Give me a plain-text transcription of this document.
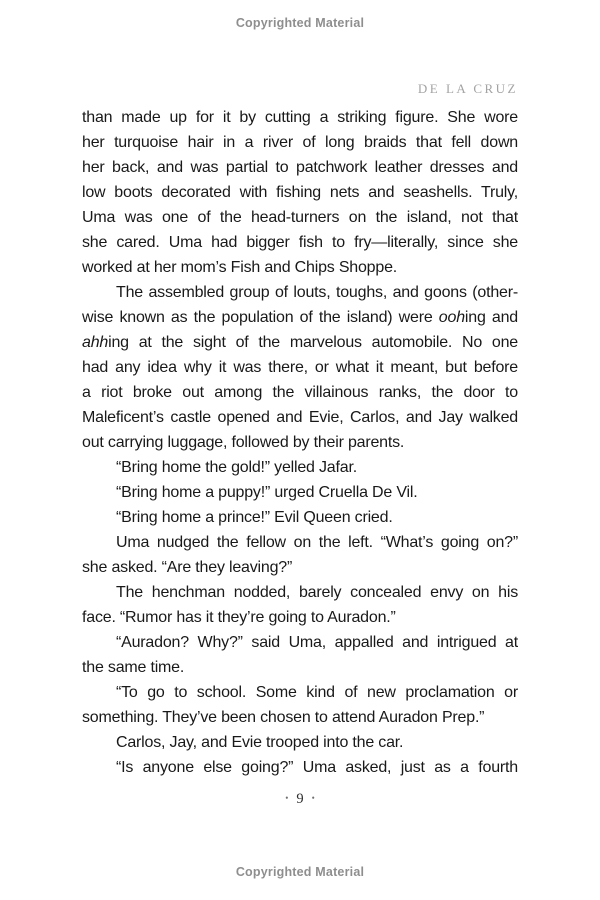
Copyrighted Material
DE LA CRUZ
than made up for it by cutting a striking figure. She wore
her turquoise hair in a river of long braids that fell down
her back, and was partial to patchwork leather dresses and
low boots decorated with fishing nets and seashells. Truly,
Uma was one of the head-turners on the island, not that
she cared. Uma had bigger fish to fry—literally, since she
worked at her mom’s Fish and Chips Shoppe.
The assembled group of louts, toughs, and goons (other-
wise known as the population of the island) were oohing and
ahhing at the sight of the marvelous automobile. No one
had any idea why it was there, or what it meant, but before
a riot broke out among the villainous ranks, the door to
Maleficent’s castle opened and Evie, Carlos, and Jay walked
out carrying luggage, followed by their parents.
“Bring home the gold!” yelled Jafar.
“Bring home a puppy!” urged Cruella De Vil.
“Bring home a prince!” Evil Queen cried.
Uma nudged the fellow on the left. “What’s going on?”
she asked. “Are they leaving?”
The henchman nodded, barely concealed envy on his
face. “Rumor has it they’re going to Auradon.”
“Auradon? Why?” said Uma, appalled and intrigued at
the same time.
“To go to school. Some kind of new proclamation or
something. They’ve been chosen to attend Auradon Prep.”
Carlos, Jay, and Evie trooped into the car.
“Is anyone else going?” Uma asked, just as a fourth
• 9 •
Copyrighted Material
